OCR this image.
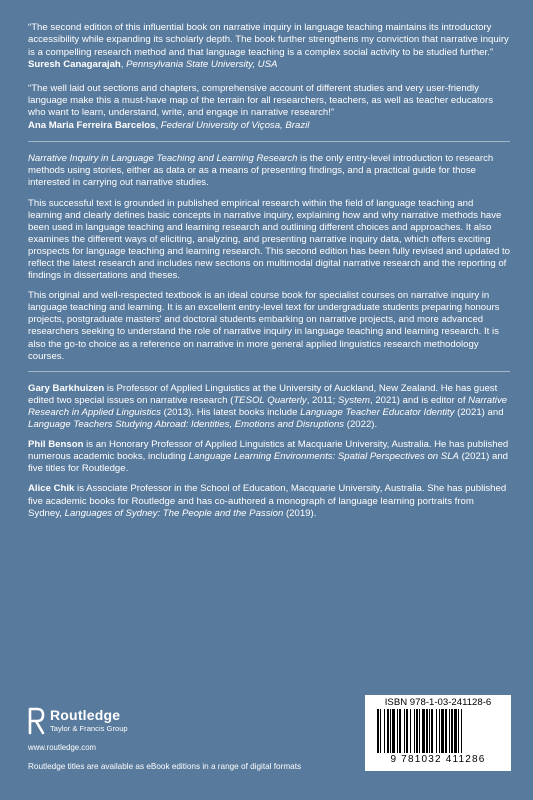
“The second edition of this influential book on narrative inquiry in language teaching maintains its introductory accessibility while expanding its scholarly depth. The book further strengthens my conviction that narrative inquiry is a compelling research method and that language teaching is a complex social activity to be studied further.”

Suresh Canagarajah, Pennsylvania State University, USA

“The well laid out sections and chapters, comprehensive account of different studies and very user-friendly language make this a must-have map of the terrain for all researchers, teachers, as well as teacher educators who want to learn, understand, write, and engage in narrative research!”

Ana Maria Ferreira Barcelos, Federal University of Viçosa, Brazil

Narrative Inquiry in Language Teaching and Learning Research is the only entry-level introduction to research methods using stories, either as data or as a means of presenting findings, and a practical guide for those interested in carrying out narrative studies.

This successful text is grounded in published empirical research within the field of language teaching and learning and clearly defines basic concepts in narrative inquiry, explaining how and why narrative methods have been used in language teaching and learning research and outlining different choices and approaches. It also examines the different ways of eliciting, analyzing, and presenting narrative inquiry data, which offers exciting prospects for language teaching and learning research. This second edition has been fully revised and updated to reflect the latest research and includes new sections on multimodal digital narrative research and the reporting of findings in dissertations and theses.

This original and well-respected textbook is an ideal course book for specialist courses on narrative inquiry in language teaching and learning. It is an excellent entry-level text for undergraduate students preparing honours projects, postgraduate masters' and doctoral students embarking on narrative projects, and more advanced researchers seeking to understand the role of narrative inquiry in language teaching and learning research. It is also the go-to choice as a reference on narrative in more general applied linguistics research methodology courses.

Gary Barkhuizen is Professor of Applied Linguistics at the University of Auckland, New Zealand. He has guest edited two special issues on narrative research (TESOL Quarterly, 2011; System, 2021) and is editor of Narrative Research in Applied Linguistics (2013). His latest books include Language Teacher Educator Identity (2021) and Language Teachers Studying Abroad: Identities, Emotions and Disruptions (2022).

Phil Benson is an Honorary Professor of Applied Linguistics at Macquarie University, Australia. He has published numerous academic books, including Language Learning Environments: Spatial Perspectives on SLA (2021) and five titles for Routledge.

Alice Chik is Associate Professor in the School of Education, Macquarie University, Australia. She has published five academic books for Routledge and has co-authored a monograph of language learning portraits from Sydney, Languages of Sydney: The People and the Passion (2019).

Routledge
Taylor & Francis Group
www.routledge.com
Routledge titles are available as eBook editions in a range of digital formats
ISBN 978-1-03-241128-6
9 781032 411286
an informa business
